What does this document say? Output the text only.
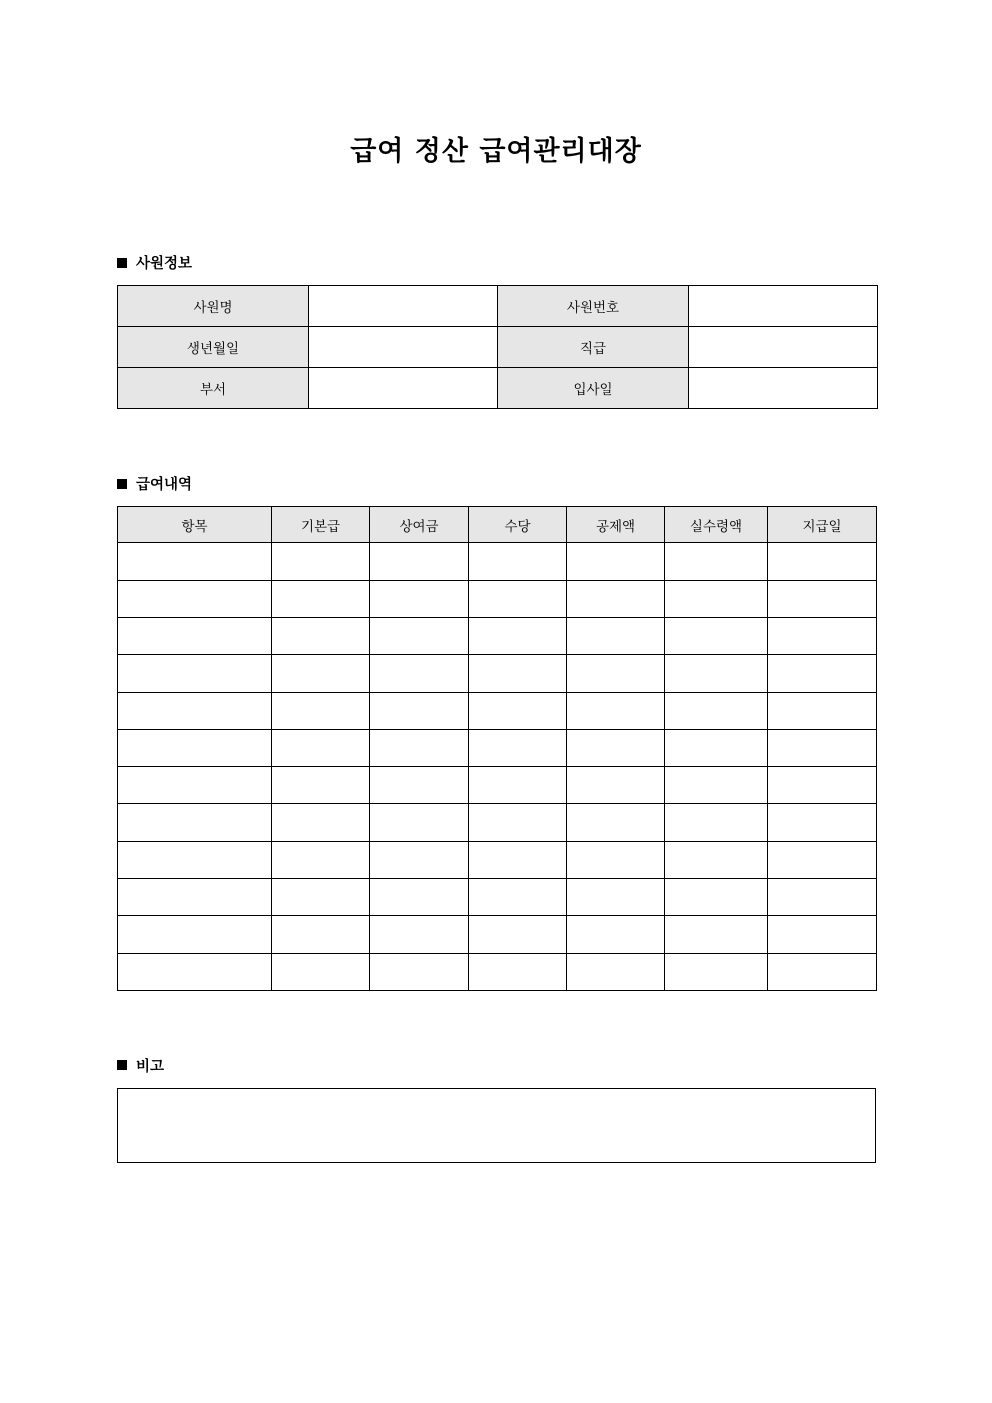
급여 정산 급여관리대장
사원정보
사원명		사원번호	
생년월일		직급	
부서		입사일	
급여내역
항목	기본급	상여금	수당	공제액	실수령액	지급일

비고
